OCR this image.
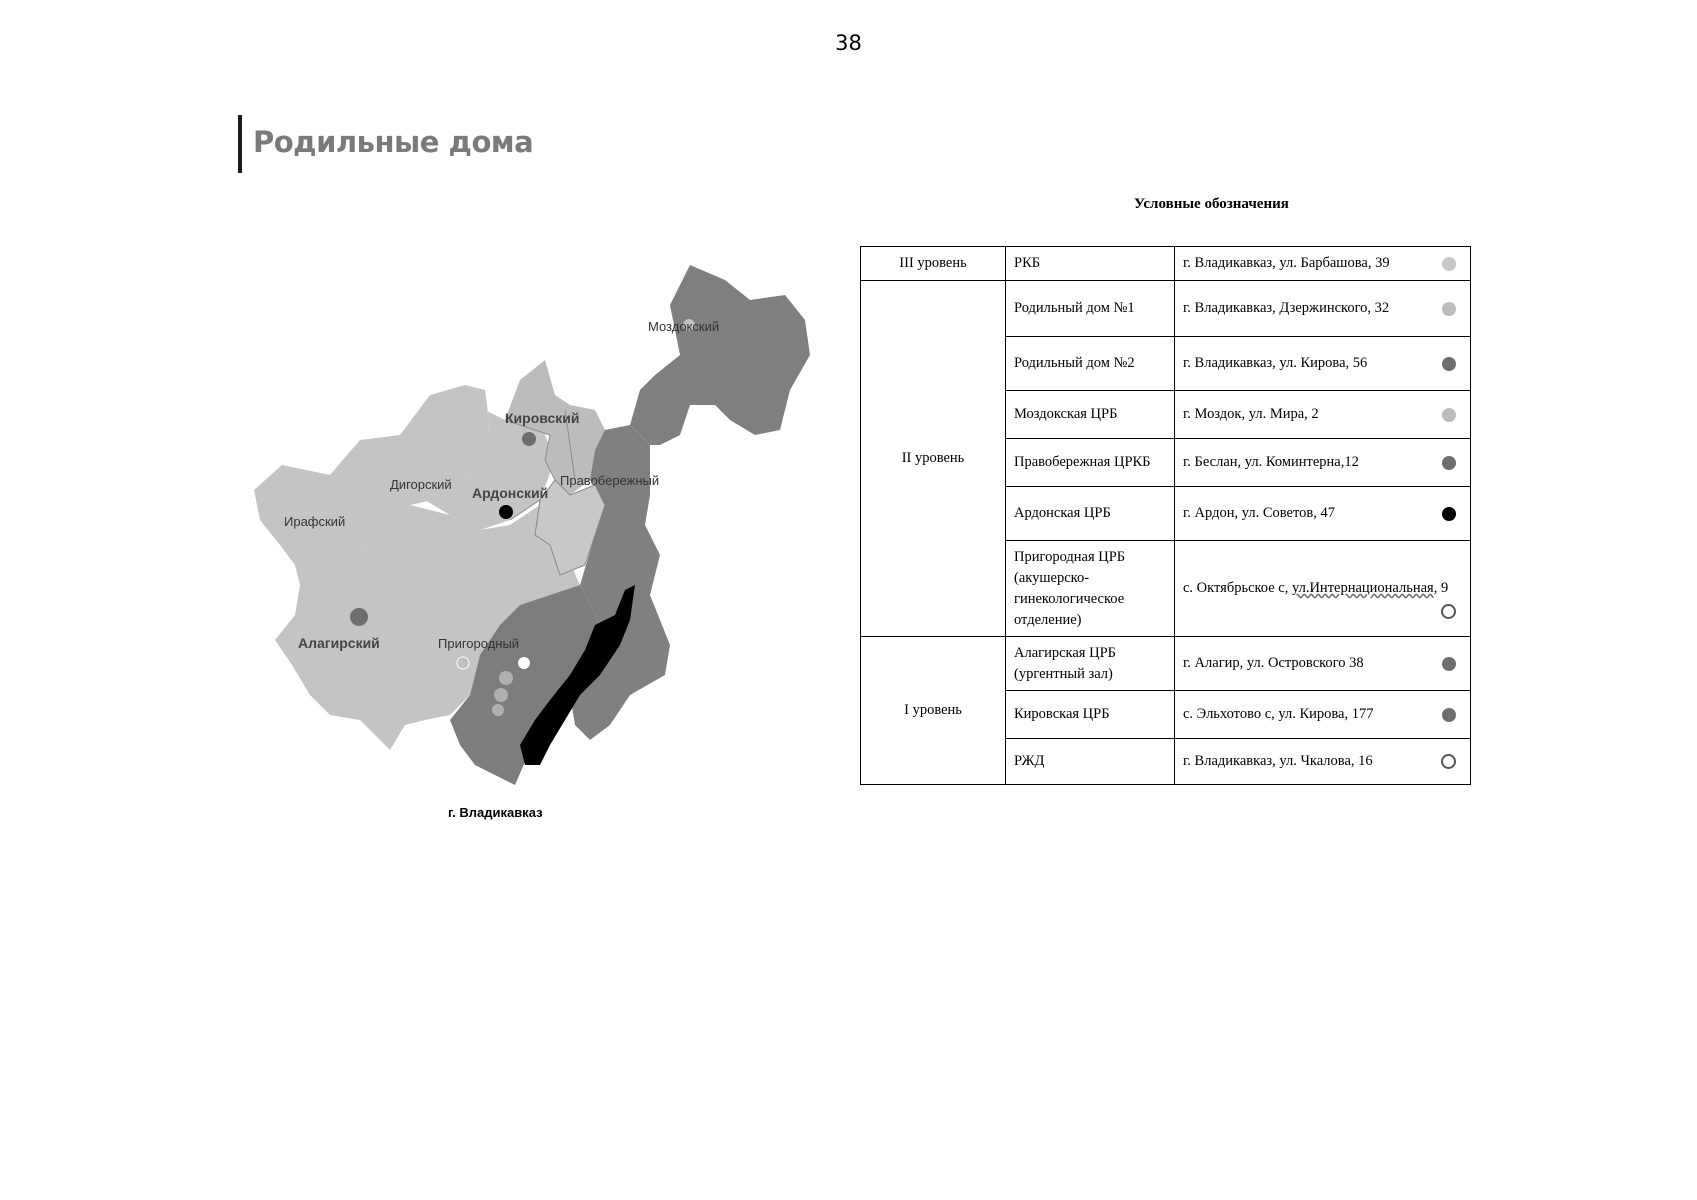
38
Родильные дома
Условные обозначения
Моздокский
Кировский
Дигорский
Ирафский
Ардонский
Правобережный
Алагирский	Пригородный
г. Владикавказ
III уровень	РКБ	г. Владикавказ, ул. Барбашова, 39

II уровень	Родильный дом №1	г. Владикавказ, Дзержинского, 32

	Родильный дом №2	г. Владикавказ, ул. Кирова, 56

	Моздокская ЦРБ	г. Моздок, ул. Мира, 2

	Правобережная ЦРКБ	г. Беслан, ул. Коминтерна,12

	Ардонская ЦРБ	г. Ардон, ул. Советов, 47

	Пригородная ЦРБ (акушерско-гинекологическое отделение)	с. Октябрьское с, ул.Интернациональная, 9

I уровень	Алагирская ЦРБ (ургентный зал)	г. Алагир, ул. Островского 38

	Кировская ЦРБ	с. Эльхотово с, ул. Кирова, 177

	РЖД	г. Владикавказ, ул. Чкалова, 16
